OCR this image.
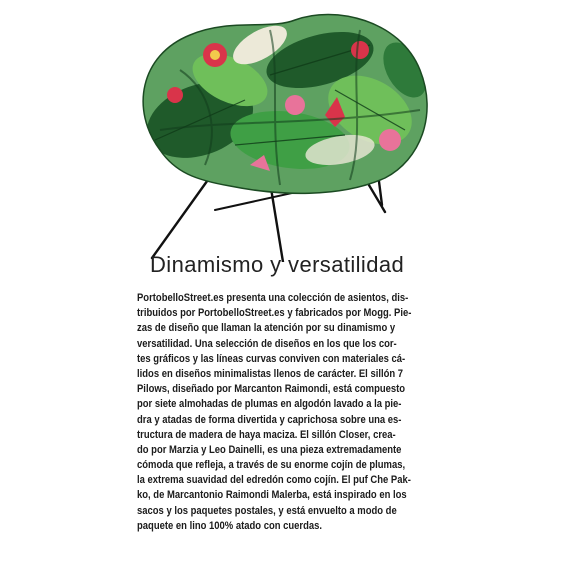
Dinamismo y versatilidad
PortobelloStreet.es presenta una colección de asientos, dis-
tribuidos por PortobelloStreet.es y fabricados por Mogg. Pie-
zas de diseño que llaman la atención por su dinamismo y
versatilidad. Una selección de diseños en los que los cor-
tes gráficos y las líneas curvas conviven con materiales cá-
lidos en diseños minimalistas llenos de carácter. El sillón 7
Pilows, diseñado por Marcanton Raimondi, está compuesto
por siete almohadas de plumas en algodón lavado a la pie-
dra y atadas de forma divertida y caprichosa sobre una es-
tructura de madera de haya maciza. El sillón Closer, crea-
do por Marzia y Leo Dainelli, es una pieza extremadamente
cómoda que refleja, a través de su enorme cojín de plumas,
la extrema suavidad del edredón como cojín. El puf Che Pak-
ko, de Marcantonio Raimondi Malerba, está inspirado en los
sacos y los paquetes postales, y está envuelto a modo de
paquete en lino 100% atado con cuerdas.
